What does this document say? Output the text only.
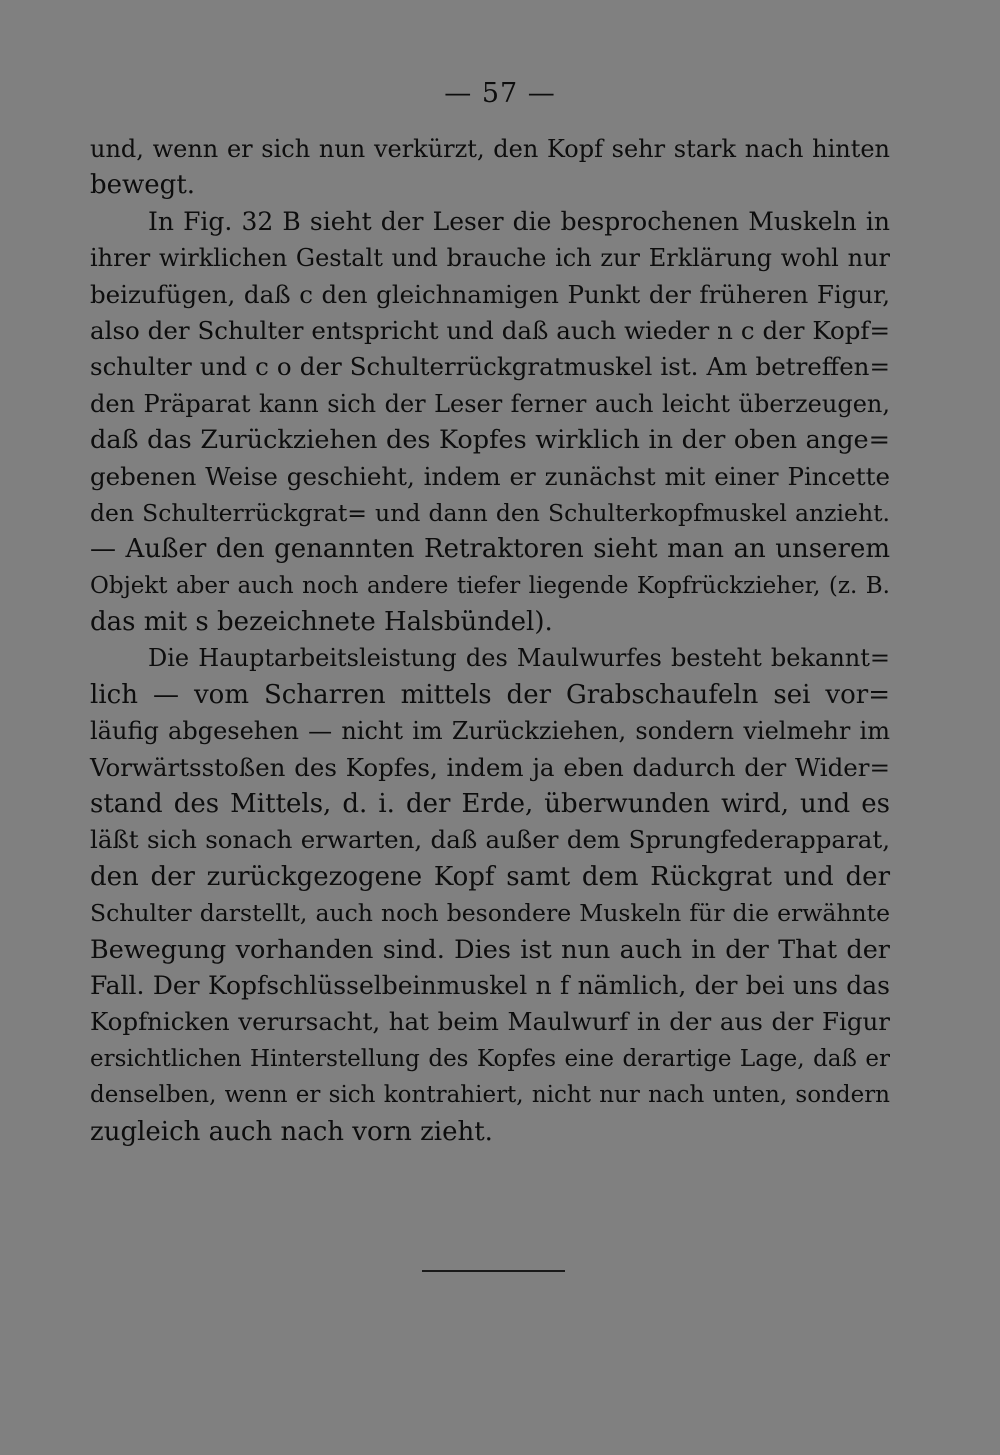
— 57 —
und, wenn er sich nun verkürzt, den Kopf sehr stark nach hinten
bewegt.
In Fig. 32 B sieht der Leser die besprochenen Muskeln in
ihrer wirklichen Gestalt und brauche ich zur Erklärung wohl nur
beizufügen, daß c den gleichnamigen Punkt der früheren Figur,
also der Schulter entspricht und daß auch wieder n c der Kopf=
schulter und c o der Schulterrückgratmuskel ist. Am betreffen=
den Präparat kann sich der Leser ferner auch leicht überzeugen,
daß das Zurückziehen des Kopfes wirklich in der oben ange=
gebenen Weise geschieht, indem er zunächst mit einer Pincette
den Schulterrückgrat= und dann den Schulterkopfmuskel anzieht.
— Außer den genannten Retraktoren sieht man an unserem
Objekt aber auch noch andere tiefer liegende Kopfrückzieher, (z. B.
das mit s bezeichnete Halsbündel).
Die Hauptarbeitsleistung des Maulwurfes besteht bekannt=
lich — vom Scharren mittels der Grabschaufeln sei vor=
läufig abgesehen — nicht im Zurückziehen, sondern vielmehr im
Vorwärtsstoßen des Kopfes, indem ja eben dadurch der Wider=
stand des Mittels, d. i. der Erde, überwunden wird, und es
läßt sich sonach erwarten, daß außer dem Sprungfederapparat,
den der zurückgezogene Kopf samt dem Rückgrat und der
Schulter darstellt, auch noch besondere Muskeln für die erwähnte
Bewegung vorhanden sind. Dies ist nun auch in der That der
Fall. Der Kopfschlüsselbeinmuskel n f nämlich, der bei uns das
Kopfnicken verursacht, hat beim Maulwurf in der aus der Figur
ersichtlichen Hinterstellung des Kopfes eine derartige Lage, daß er
denselben, wenn er sich kontrahiert, nicht nur nach unten, sondern
zugleich auch nach vorn zieht.
